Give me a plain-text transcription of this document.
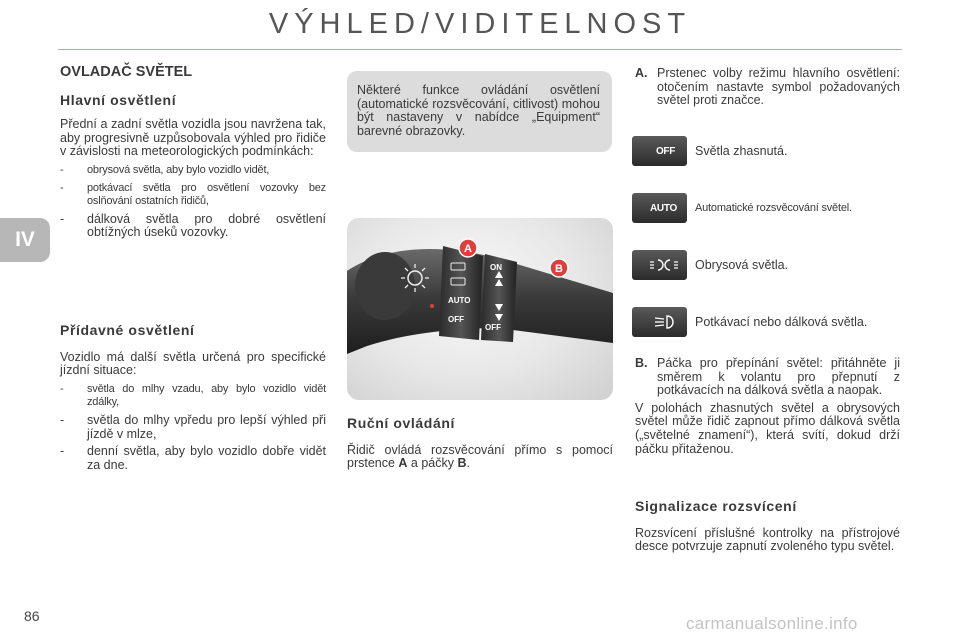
VÝHLED/VIDITELNOST
IV
OVLADAČ SVĚTEL
Hlavní osvětlení

Přední a zadní světla vozidla jsou navržena tak, aby progresivně uzpůsobovala výhled pro řidiče v závislosti na meteorologických podmínkách:

- obrysová světla, aby bylo vozidlo vidět,
- potkávací světla pro osvětlení vozovky bez oslňování ostatních řidičů,
- dálková světla pro dobré osvětlení obtížných úseků vozovky.
Přídavné osvětlení

Vozidlo má další světla určená pro specifické jízdní situace:

- světla do mlhy vzadu, aby bylo vozidlo vidět zdálky,
- světla do mlhy vpředu pro lepší výhled při jízdě v mlze,
- denní světla, aby bylo vozidlo dobře vidět za dne.

Některé funkce ovládání osvětlení (automatické rozsvěcování, citlivost) mohou být nastaveny v nabídce „Equipment“ barevné obrazovky.

AUTO
OFF
ON
OFF
A
B
Ruční ovládání

Řidič ovládá rozsvěcování přímo s pomocí prstence A a páčky B.

A. Prstenec volby režimu hlavního osvětlení: otočením nastavte symbol požadovaných světel proti značce.
OFF Světla zhasnutá.
AUTO Automatické rozsvěcování světel.
Obrysová světla.
Potkávací nebo dálková světla.
B. Páčka pro přepínání světel: přitáhněte ji směrem k volantu pro přepnutí z potkávacích na dálková světla a naopak.

V polohách zhasnutých světel a obrysových světel může řidič zapnout přímo dálková světla („světelné znamení“), která svítí, dokud drží páčku přitaženou.

Signalizace rozsvícení

Rozsvícení příslušné kontrolky na přístrojové desce potvrzuje zapnutí zvoleného typu světel.

86	carmanualsonline.info
